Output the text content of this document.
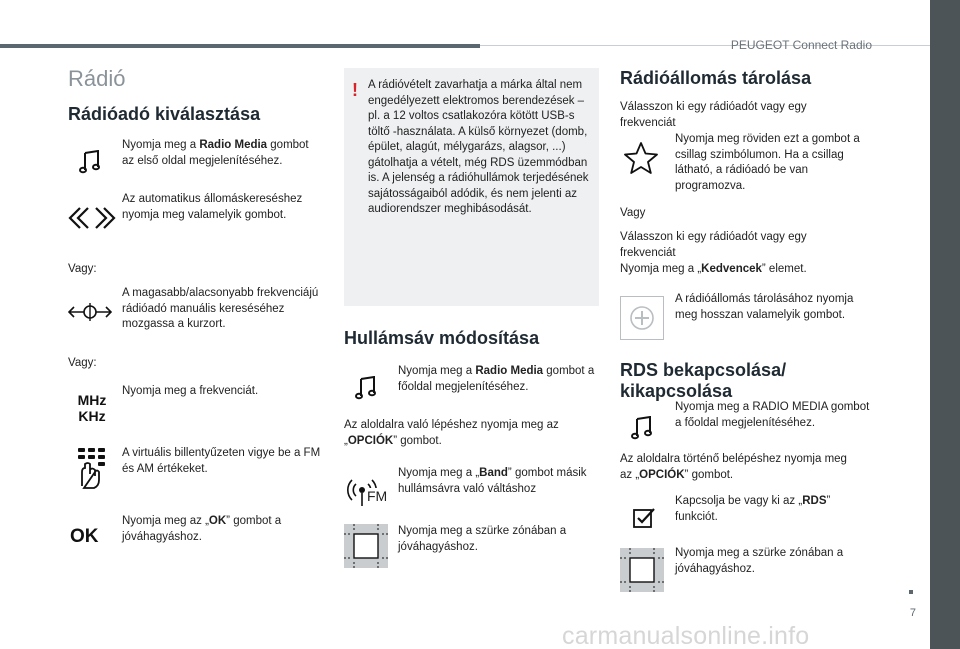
PEUGEOT Connect Radio
7
carmanualsonline.info
Rádió
Rádióadó kiválasztása
Nyomja meg a Radio Media gombot az első oldal megjelenítéséhez.
Az automatikus állomáskereséshez nyomja meg valamelyik gombot.
Vagy:
A magasabb/alacsonyabb frekvenciájú rádióadó manuális kereséséhez mozgassa a kurzort.
Vagy:
MHz
KHz
Nyomja meg a frekvenciát.
A virtuális billentyűzeten vigye be a FM és AM értékeket.
OK
Nyomja meg az „OK” gombot a jóváhagyáshoz.
! A rádióvételt zavarhatja a márka által nem engedélyezett elektromos berendezések – pl. a 12 voltos csatlakozóra kötött USB-s töltő -használata. A külső környezet (domb, épület, alagút, mélygarázs, alagsor, ...) gátolhatja a vételt, még RDS üzemmódban is. A jelenség a rádióhullámok terjedésének sajátosságaiból adódik, és nem jelenti az audiorendszer meghibásodását.
Hullámsáv módosítása
Nyomja meg a Radio Media gombot a főoldal megjelenítéséhez.
Az aloldalra való lépéshez nyomja meg az „OPCIÓK” gombot.
FM
Nyomja meg a „Band” gombot másik hullámsávra való váltáshoz
Nyomja meg a szürke zónában a jóváhagyáshoz.
Rádióállomás tárolása
Válasszon ki egy rádióadót vagy egy frekvenciát
Nyomja meg röviden ezt a gombot a csillag szimbólumon. Ha a csillag látható, a rádióadó be van programozva.
Vagy
Válasszon ki egy rádióadót vagy egy frekvenciát
Nyomja meg a „Kedvencek” elemet.
A rádióállomás tárolásához nyomja meg hosszan valamelyik gombot.
RDS bekapcsolása/ kikapcsolása
Nyomja meg a RADIO MEDIA gombot a főoldal megjelenítéséhez.
Az aloldalra történő belépéshez nyomja meg az „OPCIÓK” gombot.
Kapcsolja be vagy ki az „RDS” funkciót.
Nyomja meg a szürke zónában a jóváhagyáshoz.
